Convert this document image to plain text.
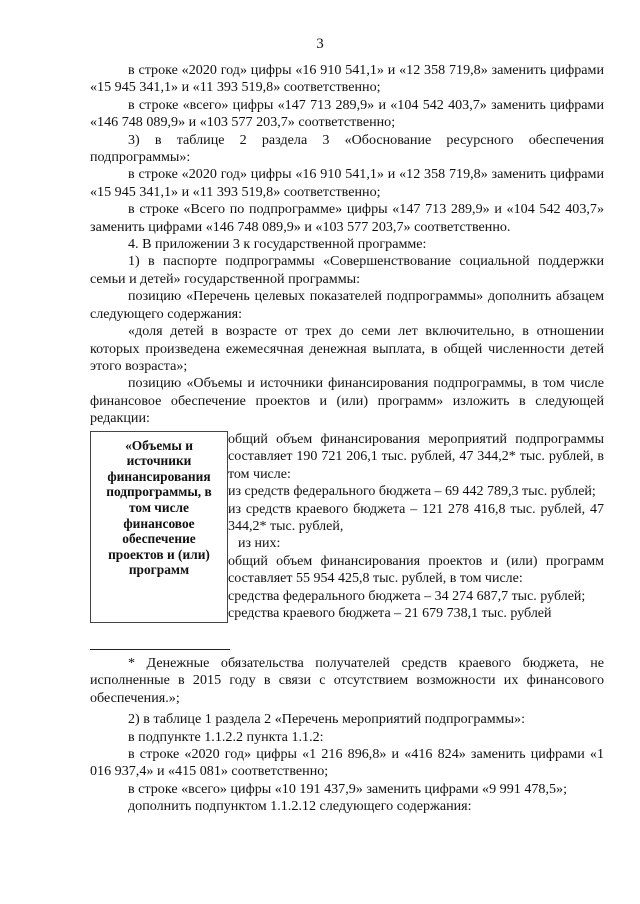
3

в строке «2020 год» цифры «16 910 541,1» и «12 358 719,8» заменить цифрами «15 945 341,1» и «11 393 519,8» соответственно;

в строке «всего» цифры «147 713 289,9» и «104 542 403,7» заменить цифрами «146 748 089,9» и «103 577 203,7» соответственно;

3) в таблице 2 раздела 3 «Обоснование ресурсного обеспечения подпрограммы»:

в строке «2020 год» цифры «16 910 541,1» и «12 358 719,8» заменить цифрами «15 945 341,1» и «11 393 519,8» соответственно;

в строке «Всего по подпрограмме» цифры «147 713 289,9» и «104 542 403,7» заменить цифрами «146 748 089,9» и «103 577 203,7» соответственно.

4. В приложении 3 к государственной программе:

1) в паспорте подпрограммы «Совершенствование социальной поддержки семьи и детей» государственной программы:

позицию «Перечень целевых показателей подпрограммы» дополнить абзацем следующего содержания:

«доля детей в возрасте от трех до семи лет включительно, в отношении которых произведена ежемесячная денежная выплата, в общей численности детей этого возраста»;

позицию «Объемы и источники финансирования подпрограммы, в том числе финансовое обеспечение проектов и (или) программ» изложить в следующей редакции:

«Объемы и источники финансирования подпрограммы, в том числе финансовое обеспечение проектов и (или) программ

общий объем финансирования мероприятий подпрограммы составляет 190 721 206,1 тыс. рублей, 47 344,2* тыс. рублей, в том числе:

из средств федерального бюджета – 69 442 789,3 тыс. рублей;

из средств краевого бюджета – 121 278 416,8 тыс. рублей, 47 344,2* тыс. рублей,

из них:

общий объем финансирования проектов и (или) программ составляет 55 954 425,8 тыс. рублей, в том числе:

средства федерального бюджета – 34 274 687,7 тыс. рублей;

средства краевого бюджета – 21 679 738,1 тыс. рублей

* Денежные обязательства получателей средств краевого бюджета, не исполненные в 2015 году в связи с отсутствием возможности их финансового обеспечения.»;

2) в таблице 1 раздела 2 «Перечень мероприятий подпрограммы»:

в подпункте 1.1.2.2 пункта 1.1.2:

в строке «2020 год» цифры «1 216 896,8» и «416 824» заменить цифрами «1 016 937,4» и «415 081» соответственно;

в строке «всего» цифры «10 191 437,9» заменить цифрами «9 991 478,5»;

дополнить подпунктом 1.1.2.12 следующего содержания:
